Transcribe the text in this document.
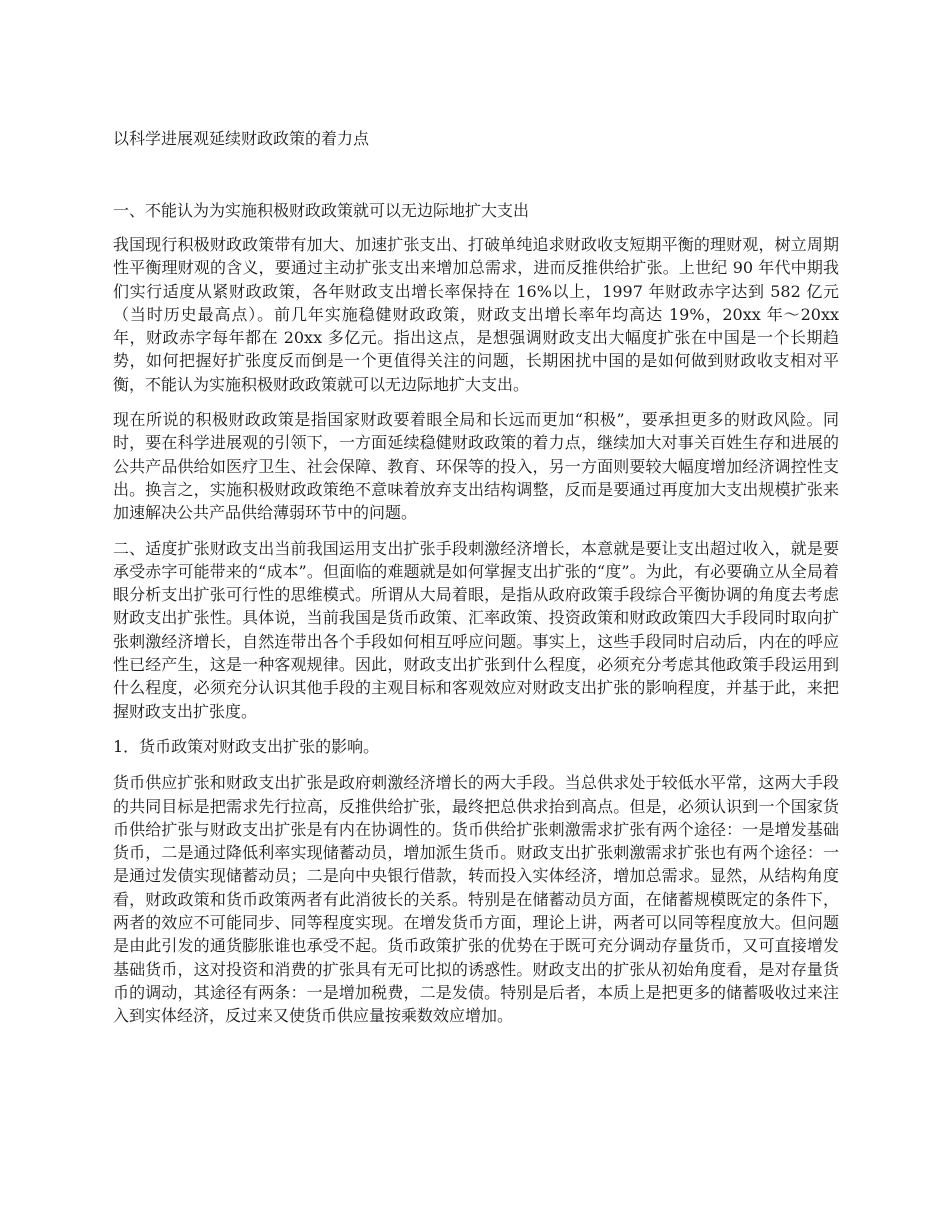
以科学进展观延续财政政策的着力点
一、不能认为为实施积极财政政策就可以无边际地扩大支出

我国现行积极财政政策带有加大、加速扩张支出、打破单纯追求财政收支短期平衡的理财观，树立周期性平衡理财观的含义，要通过主动扩张支出来增加总需求，进而反推供给扩张。上世纪 90 年代中期我们实行适度从紧财政政策，各年财政支出增长率保持在 16%以上，1997 年财政赤字达到 582 亿元（当时历史最高点）。前几年实施稳健财政政策，财政支出增长率年均高达 19%，20xx 年～20xx 年，财政赤字每年都在 20xx 多亿元。指出这点，是想强调财政支出大幅度扩张在中国是一个长期趋势，如何把握好扩张度反而倒是一个更值得关注的问题，长期困扰中国的是如何做到财政收支相对平衡，不能认为实施积极财政政策就可以无边际地扩大支出。

现在所说的积极财政政策是指国家财政要着眼全局和长远而更加“积极”，要承担更多的财政风险。同时，要在科学进展观的引领下，一方面延续稳健财政政策的着力点，继续加大对事关百姓生存和进展的公共产品供给如医疗卫生、社会保障、教育、环保等的投入，另一方面则要较大幅度增加经济调控性支出。换言之，实施积极财政政策绝不意味着放弃支出结构调整，反而是要通过再度加大支出规模扩张来加速解决公共产品供给薄弱环节中的问题。

二、适度扩张财政支出当前我国运用支出扩张手段刺激经济增长，本意就是要让支出超过收入，就是要承受赤字可能带来的“成本”。但面临的难题就是如何掌握支出扩张的“度”。为此，有必要确立从全局着眼分析支出扩张可行性的思维模式。所谓从大局着眼，是指从政府政策手段综合平衡协调的角度去考虑财政支出扩张性。具体说，当前我国是货币政策、汇率政策、投资政策和财政政策四大手段同时取向扩张刺激经济增长，自然连带出各个手段如何相互呼应问题。事实上，这些手段同时启动后，内在的呼应性已经产生，这是一种客观规律。因此，财政支出扩张到什么程度，必须充分考虑其他政策手段运用到什么程度，必须充分认识其他手段的主观目标和客观效应对财政支出扩张的影响程度，并基于此，来把握财政支出扩张度。

1．货币政策对财政支出扩张的影响。

货币供应扩张和财政支出扩张是政府刺激经济增长的两大手段。当总供求处于较低水平常，这两大手段的共同目标是把需求先行拉高，反推供给扩张，最终把总供求抬到高点。但是，必须认识到一个国家货币供给扩张与财政支出扩张是有内在协调性的。货币供给扩张刺激需求扩张有两个途径：一是增发基础货币，二是通过降低利率实现储蓄动员，增加派生货币。财政支出扩张刺激需求扩张也有两个途径：一是通过发债实现储蓄动员；二是向中央银行借款，转而投入实体经济，增加总需求。显然，从结构角度看，财政政策和货币政策两者有此消彼长的关系。特别是在储蓄动员方面，在储蓄规模既定的条件下，两者的效应不可能同步、同等程度实现。在增发货币方面，理论上讲，两者可以同等程度放大。但问题是由此引发的通货膨胀谁也承受不起。货币政策扩张的优势在于既可充分调动存量货币，又可直接增发基础货币，这对投资和消费的扩张具有无可比拟的诱惑性。财政支出的扩张从初始角度看，是对存量货币的调动，其途径有两条：一是增加税费，二是发债。特别是后者，本质上是把更多的储蓄吸收过来注入到实体经济，反过来又使货币供应量按乘数效应增加。
